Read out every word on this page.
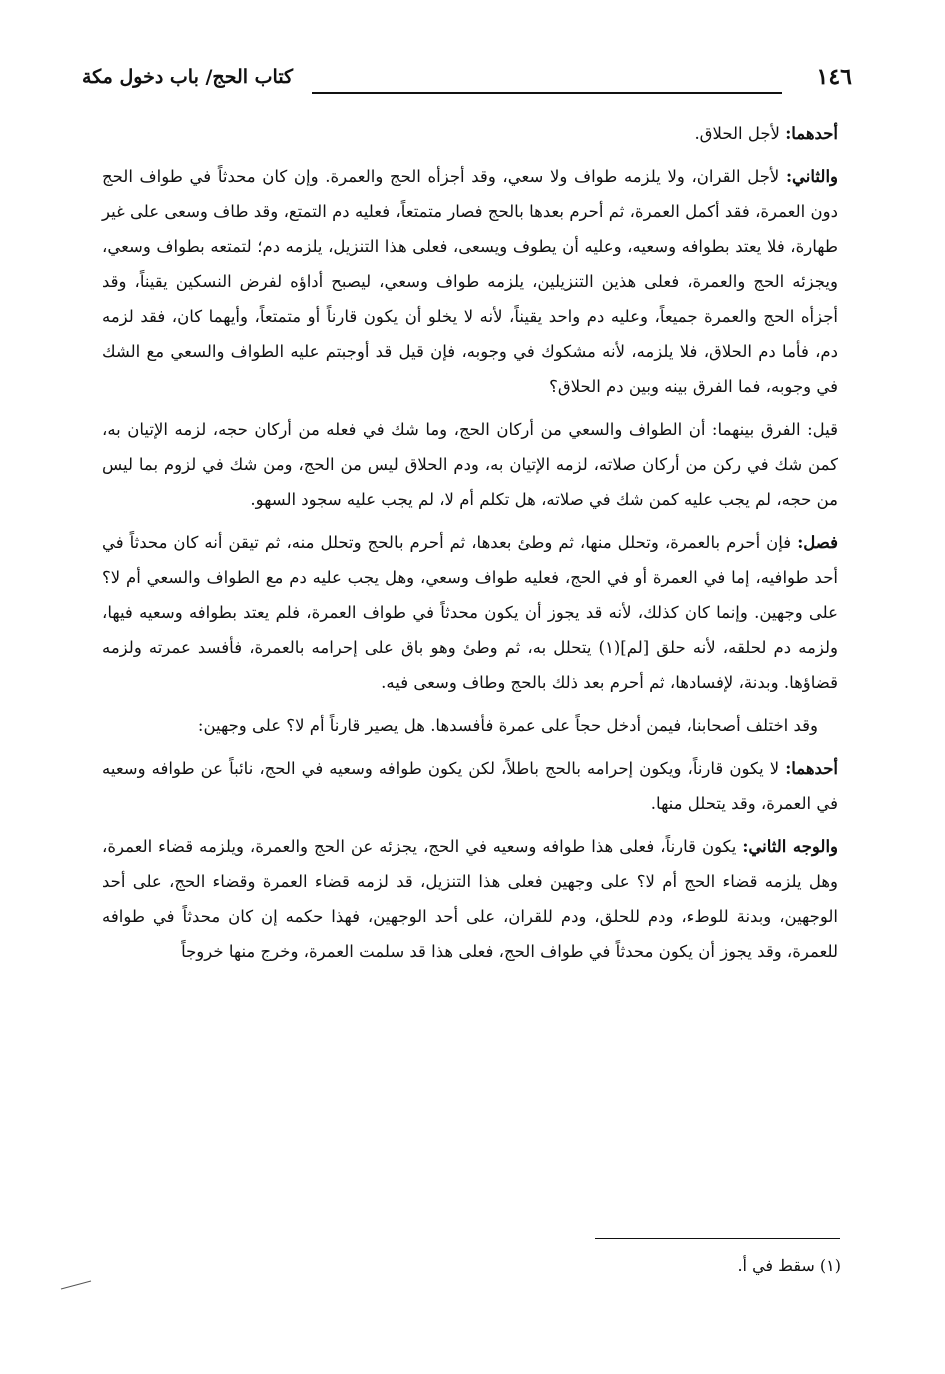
١٤٦
كتاب الحج/ باب دخول مكة

أحدهما: لأجل الحلاق.

والثاني: لأجل القران، ولا يلزمه طواف ولا سعي، وقد أجزأه الحج والعمرة. وإن كان محدثاً في طواف الحج دون العمرة، فقد أكمل العمرة، ثم أحرم بعدها بالحج فصار متمتعاً، فعليه دم التمتع، وقد طاف وسعى على غير طهارة، فلا يعتد بطوافه وسعيه، وعليه أن يطوف ويسعى، فعلى هذا التنزيل، يلزمه دم؛ لتمتعه بطواف وسعي، ويجزئه الحج والعمرة، فعلى هذين التنزيلين، يلزمه طواف وسعي، ليصبح أداؤه لفرض النسكين يقيناً، وقد أجزأه الحج والعمرة جميعاً، وعليه دم واحد يقيناً، لأنه لا يخلو أن يكون قارناً أو متمتعاً، وأيهما كان، فقد لزمه دم، فأما دم الحلاق، فلا يلزمه، لأنه مشكوك في وجوبه، فإن قيل قد أوجبتم عليه الطواف والسعي مع الشك في وجوبه، فما الفرق بينه وبين دم الحلاق؟

قيل: الفرق بينهما: أن الطواف والسعي من أركان الحج، وما شك في فعله من أركان حجه، لزمه الإتيان به، كمن شك في ركن من أركان صلاته، لزمه الإتيان به، ودم الحلاق ليس من الحج، ومن شك في لزوم بما ليس من حجه، لم يجب عليه كمن شك في صلاته، هل تكلم أم لا، لم يجب عليه سجود السهو.

فصل: فإن أحرم بالعمرة، وتحلل منها، ثم وطئ بعدها، ثم أحرم بالحج وتحلل منه، ثم تيقن أنه كان محدثاً في أحد طوافيه، إما في العمرة أو في الحج، فعليه طواف وسعي، وهل يجب عليه دم مع الطواف والسعي أم لا؟ على وجهين. وإنما كان كذلك، لأنه قد يجوز أن يكون محدثاً في طواف العمرة، فلم يعتد بطوافه وسعيه فيها، ولزمه دم لحلقه، لأنه حلق [لم](١) يتحلل به، ثم وطئ وهو باق على إحرامه بالعمرة، فأفسد عمرته ولزمه قضاؤها. وبدنة، لإفسادها، ثم أحرم بعد ذلك بالحج وطاف وسعى فيه.

وقد اختلف أصحابنا، فيمن أدخل حجاً على عمرة فأفسدها. هل يصير قارناً أم لا؟ على وجهين:

أحدهما: لا يكون قارناً، ويكون إحرامه بالحج باطلاً، لكن يكون طوافه وسعيه في الحج، نائباً عن طوافه وسعيه في العمرة، وقد يتحلل منها.

والوجه الثاني: يكون قارناً، فعلى هذا طوافه وسعيه في الحج، يجزئه عن الحج والعمرة، ويلزمه قضاء العمرة، وهل يلزمه قضاء الحج أم لا؟ على وجهين فعلى هذا التنزيل، قد لزمه قضاء العمرة وقضاء الحج، على أحد الوجهين، وبدنة للوطء، ودم للحلق، ودم للقران، على أحد الوجهين، فهذا حكمه إن كان محدثاً في طوافه للعمرة، وقد يجوز أن يكون محدثاً في طواف الحج، فعلى هذا قد سلمت العمرة، وخرج منها خروجاً

(١) سقط في أ.
